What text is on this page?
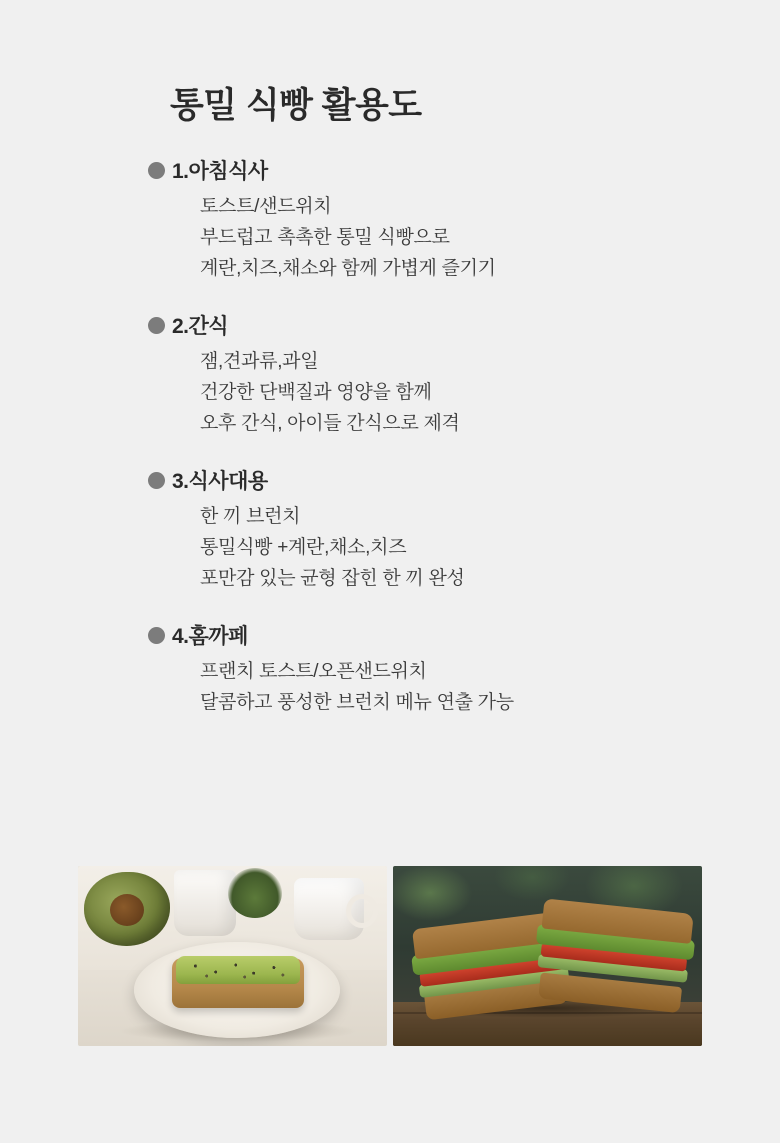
통밀 식빵 활용도
1.아침식사
토스트/샌드위치
부드럽고 촉촉한 통밀 식빵으로
계란,치즈,채소와 함께 가볍게 즐기기
2.간식
잼,견과류,과일
건강한 단백질과 영양을 함께
오후 간식, 아이들 간식으로 제격
3.식사대용
한 끼 브런치
통밀식빵 +계란,채소,치즈
포만감 있는 균형 잡힌 한 끼 완성
4.홈까페
프랜치 토스트/오픈샌드위치
달콤하고 풍성한 브런치 메뉴 연출 가능
